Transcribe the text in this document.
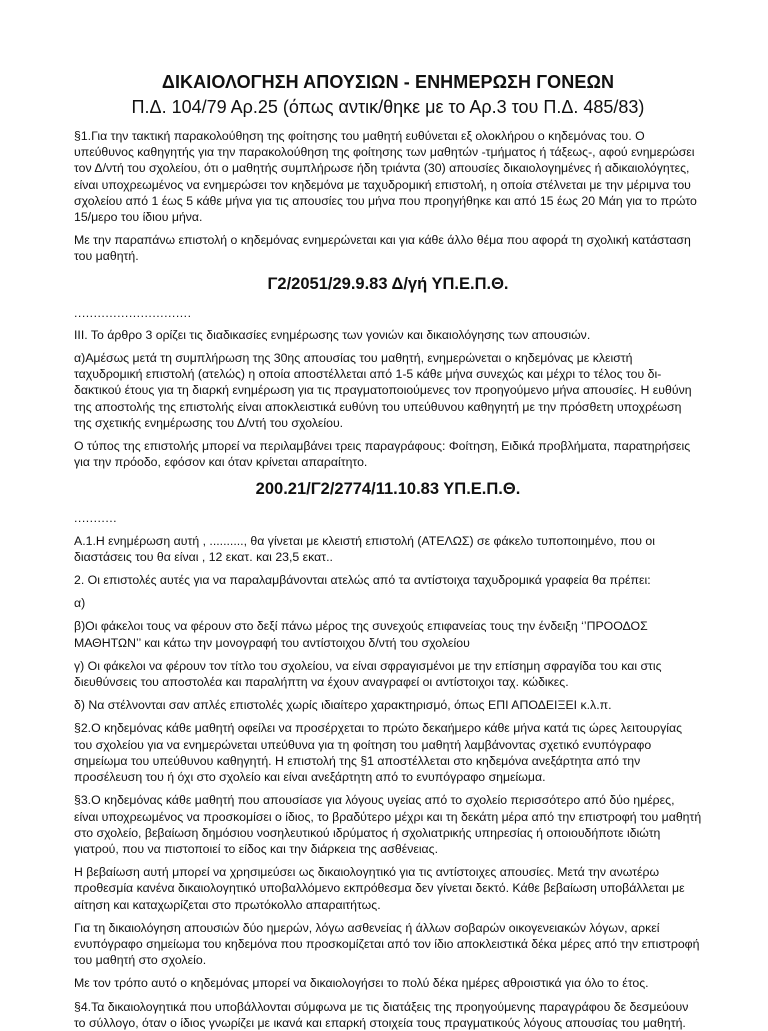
ΔΙΚΑΙΟΛΟΓΗΣΗ ΑΠΟΥΣΙΩΝ - ΕΝΗΜΕΡΩΣΗ ΓΟΝΕΩΝ
Π.Δ. 104/79 Αρ.25 (όπως αντικ/θηκε με το Αρ.3 του Π.Δ. 485/83)

§1.Για την τακτική παρακολούθηση της φοίτησης του μαθητή ευθύνεται εξ ολοκλήρου ο κηδεμόνας του. Ο υπεύθυνος καθηγητής για την παρακολούθηση της φοίτησης των μαθητών -τμήματος ή τάξεως-, αφού ενημερώσει τον Δ/ντή του σχολείου, ότι ο μαθητής συμπλήρωσε ήδη τριάντα (30) απουσίες δικαιολογημένες ή αδικαιολόγητες, είναι υποχρεωμένος να ενημερώσει τον κηδεμόνα με ταχυδρομική επιστολή, η οποία στέλνεται με την μέριμνα του σχολείου από 1 έως 5 κάθε μήνα για τις απουσίες του μήνα που προηγήθηκε και από 15 έως 20 Μάη για το πρώτο 15/μερο του ίδιου μήνα.

Με την παραπάνω επιστολή ο κηδεμόνας ενημερώνεται και για κάθε άλλο θέμα που αφορά τη σχολική κατάσταση του μαθητή.

Γ2/2051/29.9.83 Δ/γή ΥΠ.Ε.Π.Θ.

..............................

ΙΙΙ. Το άρθρο 3 ορίζει τις διαδικασίες ενημέρωσης των γονιών και δικαιολόγησης των απουσιών.

α)Αμέσως μετά τη συμπλήρωση της 30ης απουσίας του μαθητή, ενημερώνεται ο κηδεμόνας με κλειστή ταχυδρομική επιστολή (ατελώς) η οποία αποστέλλεται από 1-5 κάθε μήνα συνεχώς και μέχρι το τέλος του δι-δακτικού έτους για τη διαρκή ενημέρωση για τις πραγματοποιούμενες τον προηγούμενο μήνα απουσίες. Η ευθύνη της αποστολής της επιστολής είναι αποκλειστικά ευθύνη του υπεύθυνου καθηγητή με την πρόσθετη υποχρέωση της σχετικής ενημέρωσης του Δ/ντή του σχολείου.

Ο τύπος της επιστολής μπορεί να περιλαμβάνει τρεις παραγράφους: Φοίτηση, Ειδικά προβλήματα, παρατηρήσεις για την πρόοδο, εφόσον και όταν κρίνεται απαραίτητο.

200.21/Γ2/2774/11.10.83 ΥΠ.Ε.Π.Θ.

...........

Α.1.Η ενημέρωση αυτή , .........., θα γίνεται με κλειστή επιστολή (ΑΤΕΛΩΣ) σε φάκελο τυποποιημένο, που οι διαστάσεις του θα είναι , 12 εκατ. και 23,5 εκατ..

2. Οι επιστολές αυτές για να παραλαμβάνονται ατελώς από τα αντίστοιχα ταχυδρομικά γραφεία θα πρέπει:

α)

β)Οι φάκελοι τους να φέρουν στο δεξί πάνω μέρος της συνεχούς επιφανείας τους την ένδειξη ‘’ΠΡΟΟΔΟΣ ΜΑΘΗΤΩΝ’’ και κάτω την μονογραφή του αντίστοιχου δ/ντή του σχολείου

γ) Οι φάκελοι να φέρουν τον τίτλο του σχολείου, να είναι σφραγισμένοι με την επίσημη σφραγίδα του και στις διευθύνσεις του αποστολέα και παραλήπτη να έχουν αναγραφεί οι αντίστοιχοι ταχ. κώδικες.

δ) Να στέλνονται σαν απλές επιστολές χωρίς ιδιαίτερο χαρακτηρισμό, όπως ΕΠΙ ΑΠΟΔΕΙΞΕΙ κ.λ.π.

§2.Ο κηδεμόνας κάθε μαθητή οφείλει να προσέρχεται το πρώτο δεκαήμερο κάθε μήνα κατά τις ώρες λειτουργίας του σχολείου για να ενημερώνεται υπεύθυνα για τη φοίτηση του μαθητή λαμβάνοντας σχετικό ενυπόγραφο σημείωμα του υπεύθυνου καθηγητή. Η επιστολή της §1 αποστέλλεται στο κηδεμόνα ανεξάρτητα από την προσέλευση του ή όχι στο σχολείο και είναι ανεξάρτητη από το ενυπόγραφο σημείωμα.

§3.Ο κηδεμόνας κάθε μαθητή που απουσίασε για λόγους υγείας από το σχολείο περισσότερο από δύο ημέρες, είναι υποχρεωμένος να προσκομίσει ο ίδιος, το βραδύτερο μέχρι και τη δεκάτη μέρα από την επιστροφή του μαθητή στο σχολείο, βεβαίωση δημόσιου νοσηλευτικού ιδρύματος ή σχολιατρικής υπηρεσίας ή οποιουδήποτε ιδιώτη γιατρού, που να πιστοποιεί το είδος και την διάρκεια της ασθένειας.

Η βεβαίωση αυτή μπορεί να χρησιμεύσει ως δικαιολογητικό για τις αντίστοιχες απουσίες. Μετά την ανωτέρω προθεσμία κανένα δικαιολογητικό υποβαλλόμενο εκπρόθεσμα δεν γίνεται δεκτό. Κάθε βεβαίωση υποβάλλεται με αίτηση και καταχωρίζεται στο πρωτόκολλο απαραιτήτως.

Για τη δικαιολόγηση απουσιών δύο ημερών, λόγω ασθενείας ή άλλων σοβαρών οικογενειακών λόγων, αρκεί ενυπόγραφο σημείωμα του κηδεμόνα που προσκομίζεται από τον ίδιο αποκλειστικά δέκα μέρες από την επιστροφή του μαθητή στο σχολείο.

Με τον τρόπο αυτό ο κηδεμόνας μπορεί να δικαιολογήσει το πολύ δέκα ημέρες αθροιστικά για όλο το έτος.

§4.Τα δικαιολογητικά που υποβάλλονται σύμφωνα με τις διατάξεις της προηγούμενης παραγράφου δε δεσμεύουν το σύλλογο, όταν ο ίδιος γνωρίζει με ικανά και επαρκή στοιχεία τους πραγματικούς λόγους απουσίας του μαθητή.
